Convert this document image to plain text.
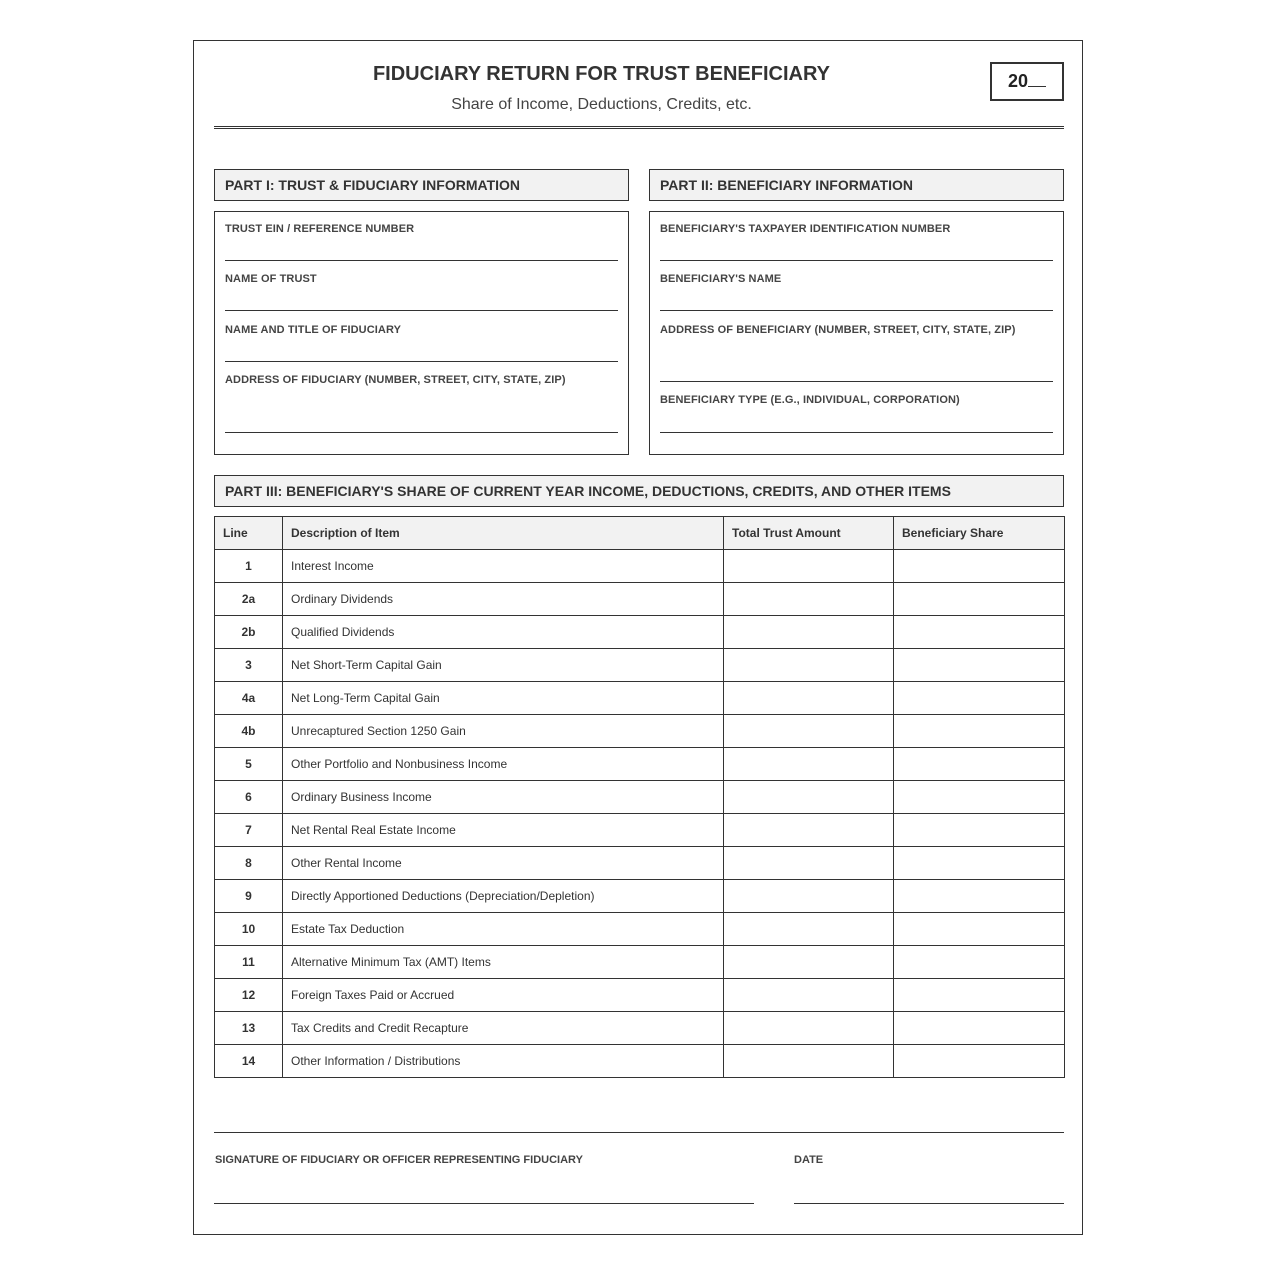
FIDUCIARY RETURN FOR TRUST BENEFICIARY
Share of Income, Deductions, Credits, etc.
20
PART I: TRUST & FIDUCIARY INFORMATION
TRUST EIN / REFERENCE NUMBER
NAME OF TRUST
NAME AND TITLE OF FIDUCIARY
ADDRESS OF FIDUCIARY (NUMBER, STREET, CITY, STATE, ZIP)
PART II: BENEFICIARY INFORMATION
BENEFICIARY'S TAXPAYER IDENTIFICATION NUMBER
BENEFICIARY'S NAME
ADDRESS OF BENEFICIARY (NUMBER, STREET, CITY, STATE, ZIP)
BENEFICIARY TYPE (E.G., INDIVIDUAL, CORPORATION)
PART III: BENEFICIARY'S SHARE OF CURRENT YEAR INCOME, DEDUCTIONS, CREDITS, AND OTHER ITEMS
Line	Description of Item	Total Trust Amount	Beneficiary Share
1	Interest Income		
2a	Ordinary Dividends		
2b	Qualified Dividends		
3	Net Short-Term Capital Gain		
4a	Net Long-Term Capital Gain		
4b	Unrecaptured Section 1250 Gain		
5	Other Portfolio and Nonbusiness Income		
6	Ordinary Business Income		
7	Net Rental Real Estate Income		
8	Other Rental Income		
9	Directly Apportioned Deductions (Depreciation/Depletion)		
10	Estate Tax Deduction		
11	Alternative Minimum Tax (AMT) Items		
12	Foreign Taxes Paid or Accrued		
13	Tax Credits and Credit Recapture		
14	Other Information / Distributions		
SIGNATURE OF FIDUCIARY OR OFFICER REPRESENTING FIDUCIARY	DATE
